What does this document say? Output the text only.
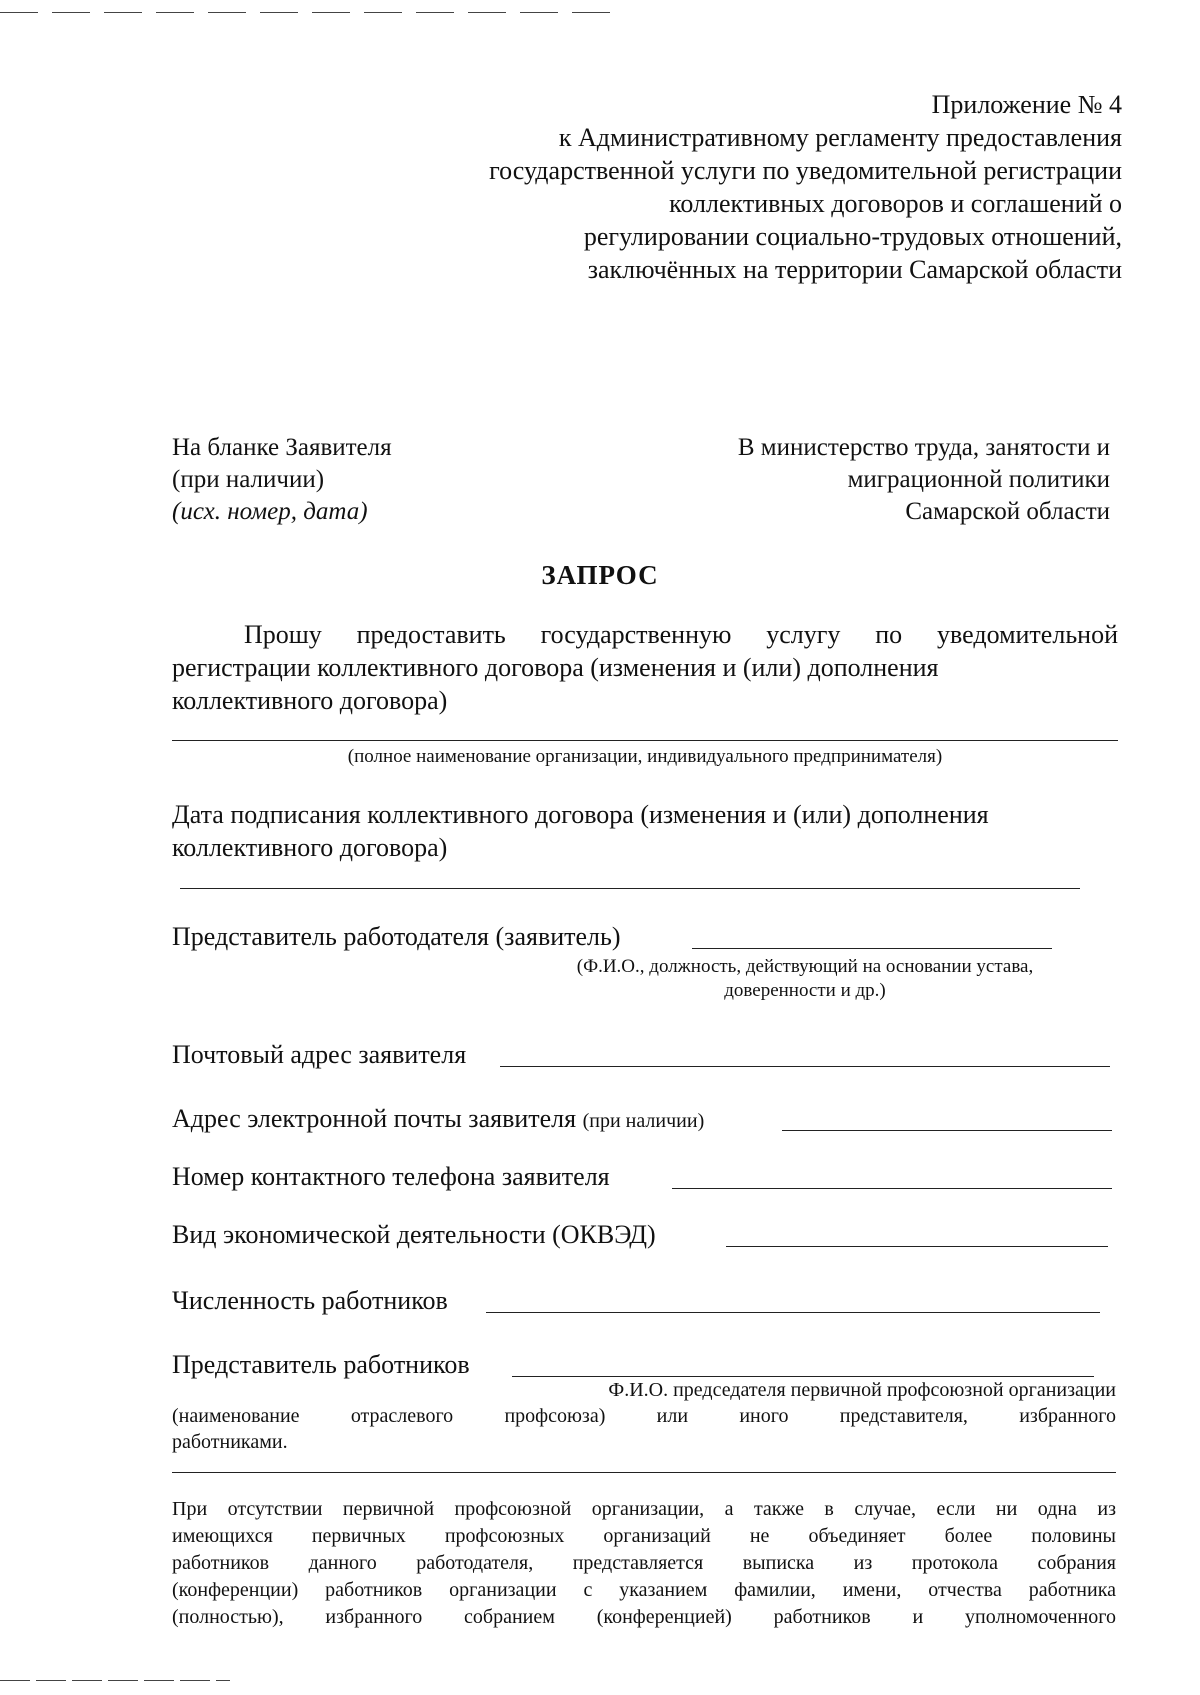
Приложение № 4
к Административному регламенту предоставления
государственной услуги по уведомительной регистрации
коллективных договоров и соглашений о
регулировании социально-трудовых отношений,
заключённых на территории Самарской области
На бланке Заявителя
(при наличии)
(исх. номер, дата)
В министерство труда, занятости и
миграционной политики
Самарской области
ЗАПРОС
Прошу предоставить государственную услугу по уведомительной
регистрации коллективного договора (изменения и (или) дополнения
коллективного договора)
(полное наименование организации, индивидуального предпринимателя)
Дата подписания коллективного договора (изменения и (или) дополнения
коллективного договора)
Представитель работодателя (заявитель)
(Ф.И.О., должность, действующий на основании устава,
доверенности и др.)
Почтовый адрес заявителя
Адрес электронной почты заявителя (при наличии)
Номер контактного телефона заявителя
Вид экономической деятельности (ОКВЭД)
Численность работников
Представитель работников
Ф.И.О. председателя первичной профсоюзной организации
(наименование отраслевого профсоюза) или иного представителя, избранного
работниками.
При отсутствии первичной профсоюзной организации, а также в случае, если ни одна из
имеющихся первичных профсоюзных организаций не объединяет более половины
работников данного работодателя, представляется выписка из протокола собрания
(конференции) работников организации с указанием фамилии, имени, отчества работника
(полностью), избранного собранием (конференцией) работников и уполномоченного
